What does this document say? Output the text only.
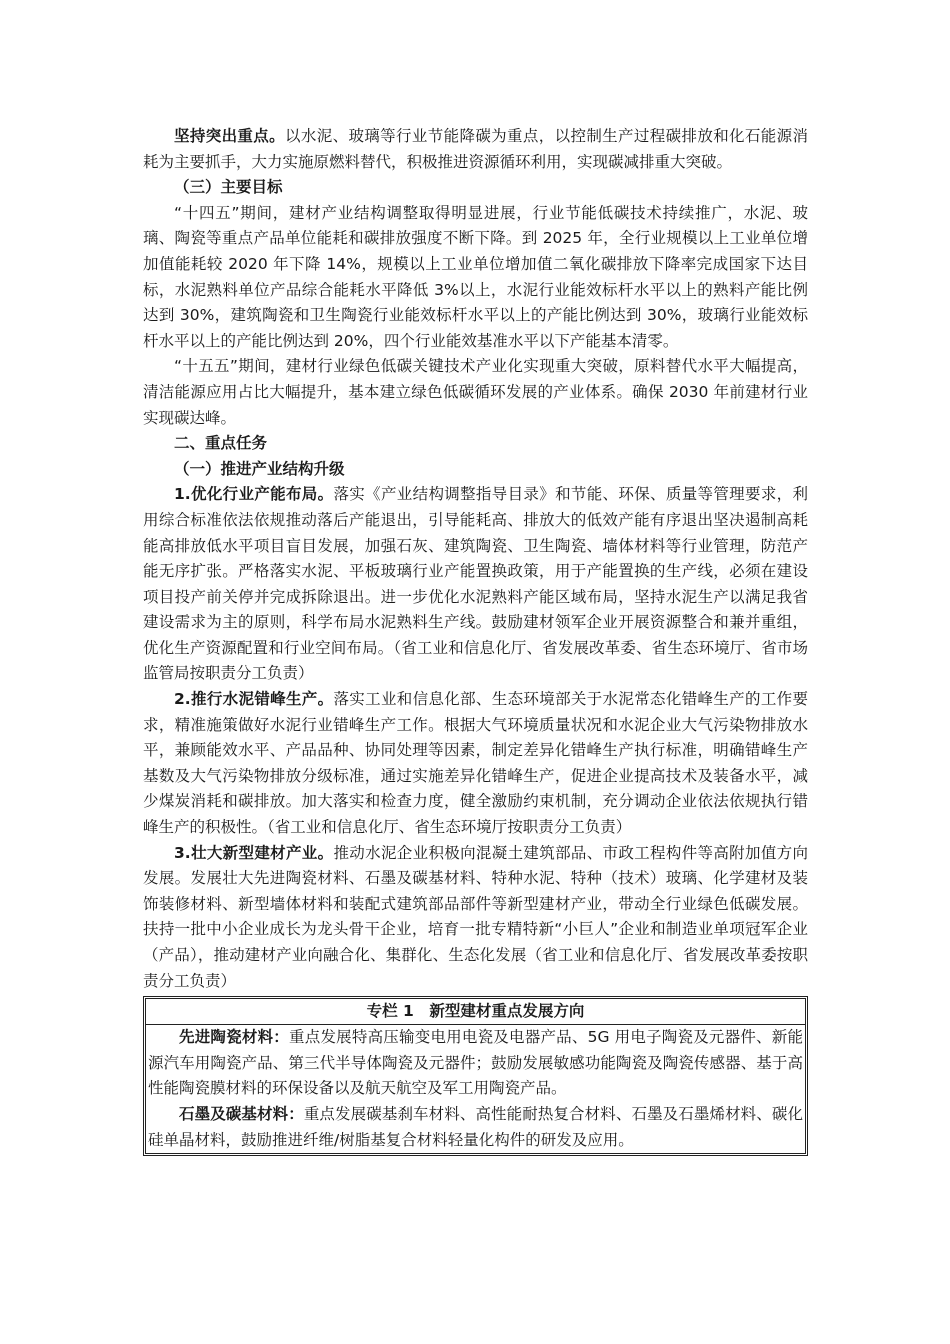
坚持突出重点。以水泥、玻璃等行业节能降碳为重点，以控制生产过程碳排放和化石能源消耗为主要抓手，大力实施原燃料替代，积极推进资源循环利用，实现碳减排重大突破。

（三）主要目标

“十四五”期间，建材产业结构调整取得明显进展，行业节能低碳技术持续推广，水泥、玻璃、陶瓷等重点产品单位能耗和碳排放强度不断下降。到 2025 年，全行业规模以上工业单位增加值能耗较 2020 年下降 14%，规模以上工业单位增加值二氧化碳排放下降率完成国家下达目标，水泥熟料单位产品综合能耗水平降低 3%以上，水泥行业能效标杆水平以上的熟料产能比例达到 30%，建筑陶瓷和卫生陶瓷行业能效标杆水平以上的产能比例达到 30%，玻璃行业能效标杆水平以上的产能比例达到 20%，四个行业能效基准水平以下产能基本清零。

“十五五”期间，建材行业绿色低碳关键技术产业化实现重大突破，原料替代水平大幅提高，清洁能源应用占比大幅提升，基本建立绿色低碳循环发展的产业体系。确保 2030 年前建材行业实现碳达峰。

二、重点任务

（一）推进产业结构升级

1.优化行业产能布局。落实《产业结构调整指导目录》和节能、环保、质量等管理要求，利用综合标准依法依规推动落后产能退出，引导能耗高、排放大的低效产能有序退出坚决遏制高耗能高排放低水平项目盲目发展，加强石灰、建筑陶瓷、卫生陶瓷、墙体材料等行业管理，防范产能无序扩张。严格落实水泥、平板玻璃行业产能置换政策，用于产能置换的生产线，必须在建设项目投产前关停并完成拆除退出。进一步优化水泥熟料产能区域布局，坚持水泥生产以满足我省建设需求为主的原则，科学布局水泥熟料生产线。鼓励建材领军企业开展资源整合和兼并重组，优化生产资源配置和行业空间布局。（省工业和信息化厅、省发展改革委、省生态环境厅、省市场监管局按职责分工负责）

2.推行水泥错峰生产。落实工业和信息化部、生态环境部关于水泥常态化错峰生产的工作要求，精准施策做好水泥行业错峰生产工作。根据大气环境质量状况和水泥企业大气污染物排放水平，兼顾能效水平、产品品种、协同处理等因素，制定差异化错峰生产执行标准，明确错峰生产基数及大气污染物排放分级标准，通过实施差异化错峰生产，促进企业提高技术及装备水平，减少煤炭消耗和碳排放。加大落实和检查力度，健全激励约束机制，充分调动企业依法依规执行错峰生产的积极性。（省工业和信息化厅、省生态环境厅按职责分工负责）

3.壮大新型建材产业。推动水泥企业积极向混凝土建筑部品、市政工程构件等高附加值方向发展。发展壮大先进陶瓷材料、石墨及碳基材料、特种水泥、特种（技术）玻璃、化学建材及装饰装修材料、新型墙体材料和装配式建筑部品部件等新型建材产业，带动全行业绿色低碳发展。扶持一批中小企业成长为龙头骨干企业，培育一批专精特新“小巨人”企业和制造业单项冠军企业（产品），推动建材产业向融合化、集群化、生态化发展（省工业和信息化厅、省发展改革委按职责分工负责）

专栏 1　新型建材重点发展方向

先进陶瓷材料：重点发展特高压输变电用电瓷及电器产品、5G 用电子陶瓷及元器件、新能源汽车用陶瓷产品、第三代半导体陶瓷及元器件；鼓励发展敏感功能陶瓷及陶瓷传感器、基于高性能陶瓷膜材料的环保设备以及航天航空及军工用陶瓷产品。

石墨及碳基材料：重点发展碳基刹车材料、高性能耐热复合材料、石墨及石墨烯材料、碳化硅单晶材料，鼓励推进纤维/树脂基复合材料轻量化构件的研发及应用。
